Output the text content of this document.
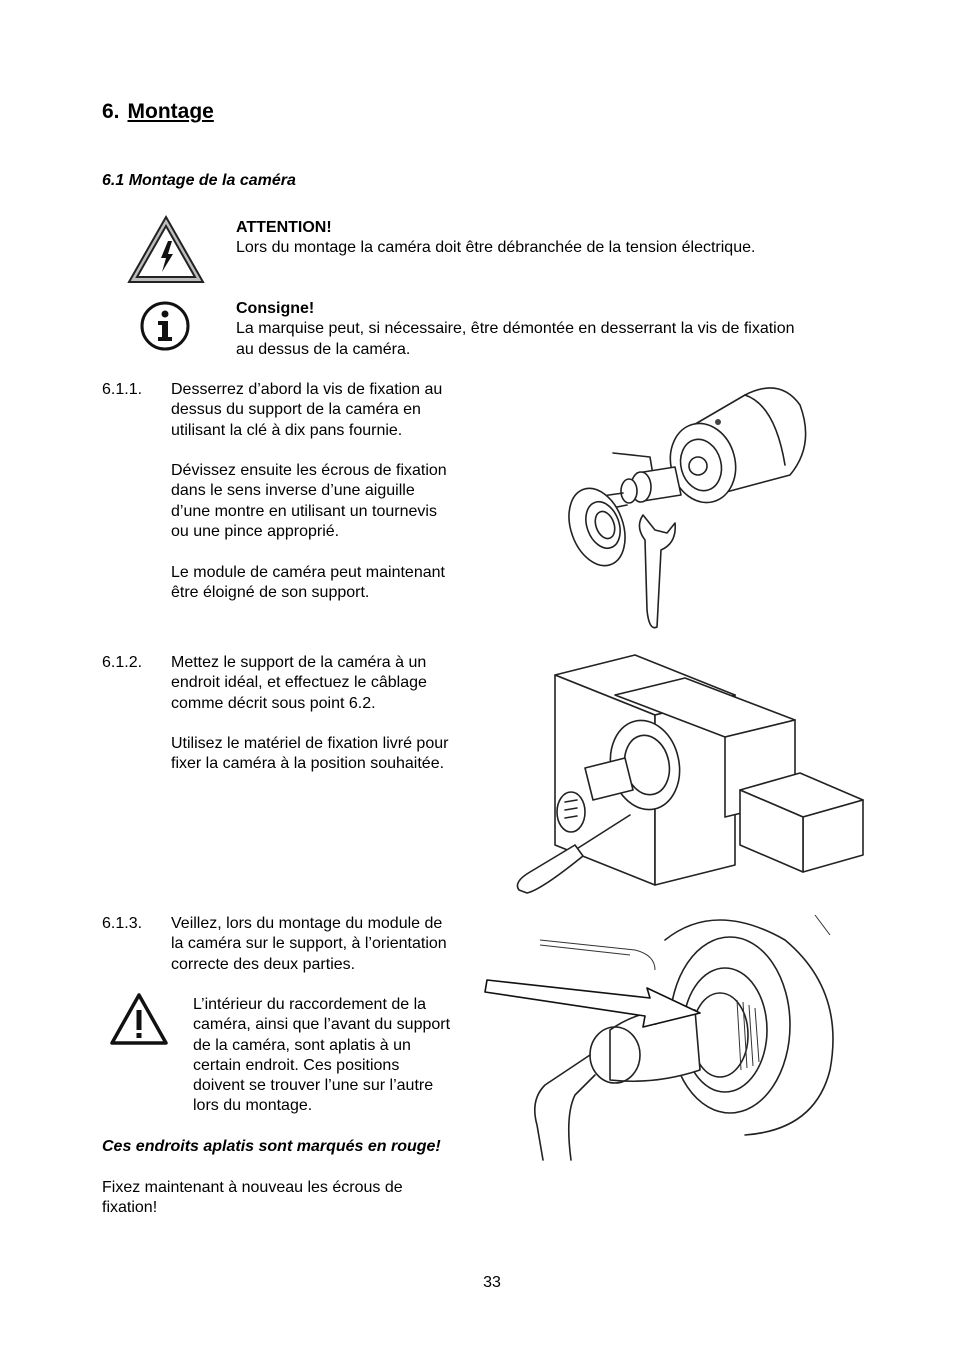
6. Montage
6.1 Montage de la caméra

ATTENTION!

Lors du montage la caméra doit être débranchée de la tension électrique.

Consigne!

La marquise peut, si nécessaire, être démontée en desserrant la vis de fixation

au dessus de la caméra.

6.1.1. Desserrez d’abord la vis de fixation au

dessus du support de la caméra en

utilisant la clé à dix pans fournie.

Dévissez ensuite les écrous de fixation

dans le sens inverse d’une aiguille

d’une montre en utilisant un tournevis

ou une pince approprié.

Le module de caméra peut maintenant

être éloigné de son support.

6.1.2. Mettez le support de la caméra à un

endroit idéal, et effectuez le câblage

comme décrit sous point 6.2.

Utilisez le matériel de fixation livré pour

fixer la caméra à la position souhaitée.

6.1.3. Veillez, lors du montage du module de

la caméra sur le support, à l’orientation

correcte des deux parties.

L’intérieur du raccordement de la

caméra, ainsi que l’avant du support

de la caméra, sont aplatis à un

certain endroit. Ces positions

doivent se trouver l’une sur l’autre

lors du montage.

Ces endroits aplatis sont marqués en rouge!

Fixez maintenant à nouveau les écrous de

fixation!

33
